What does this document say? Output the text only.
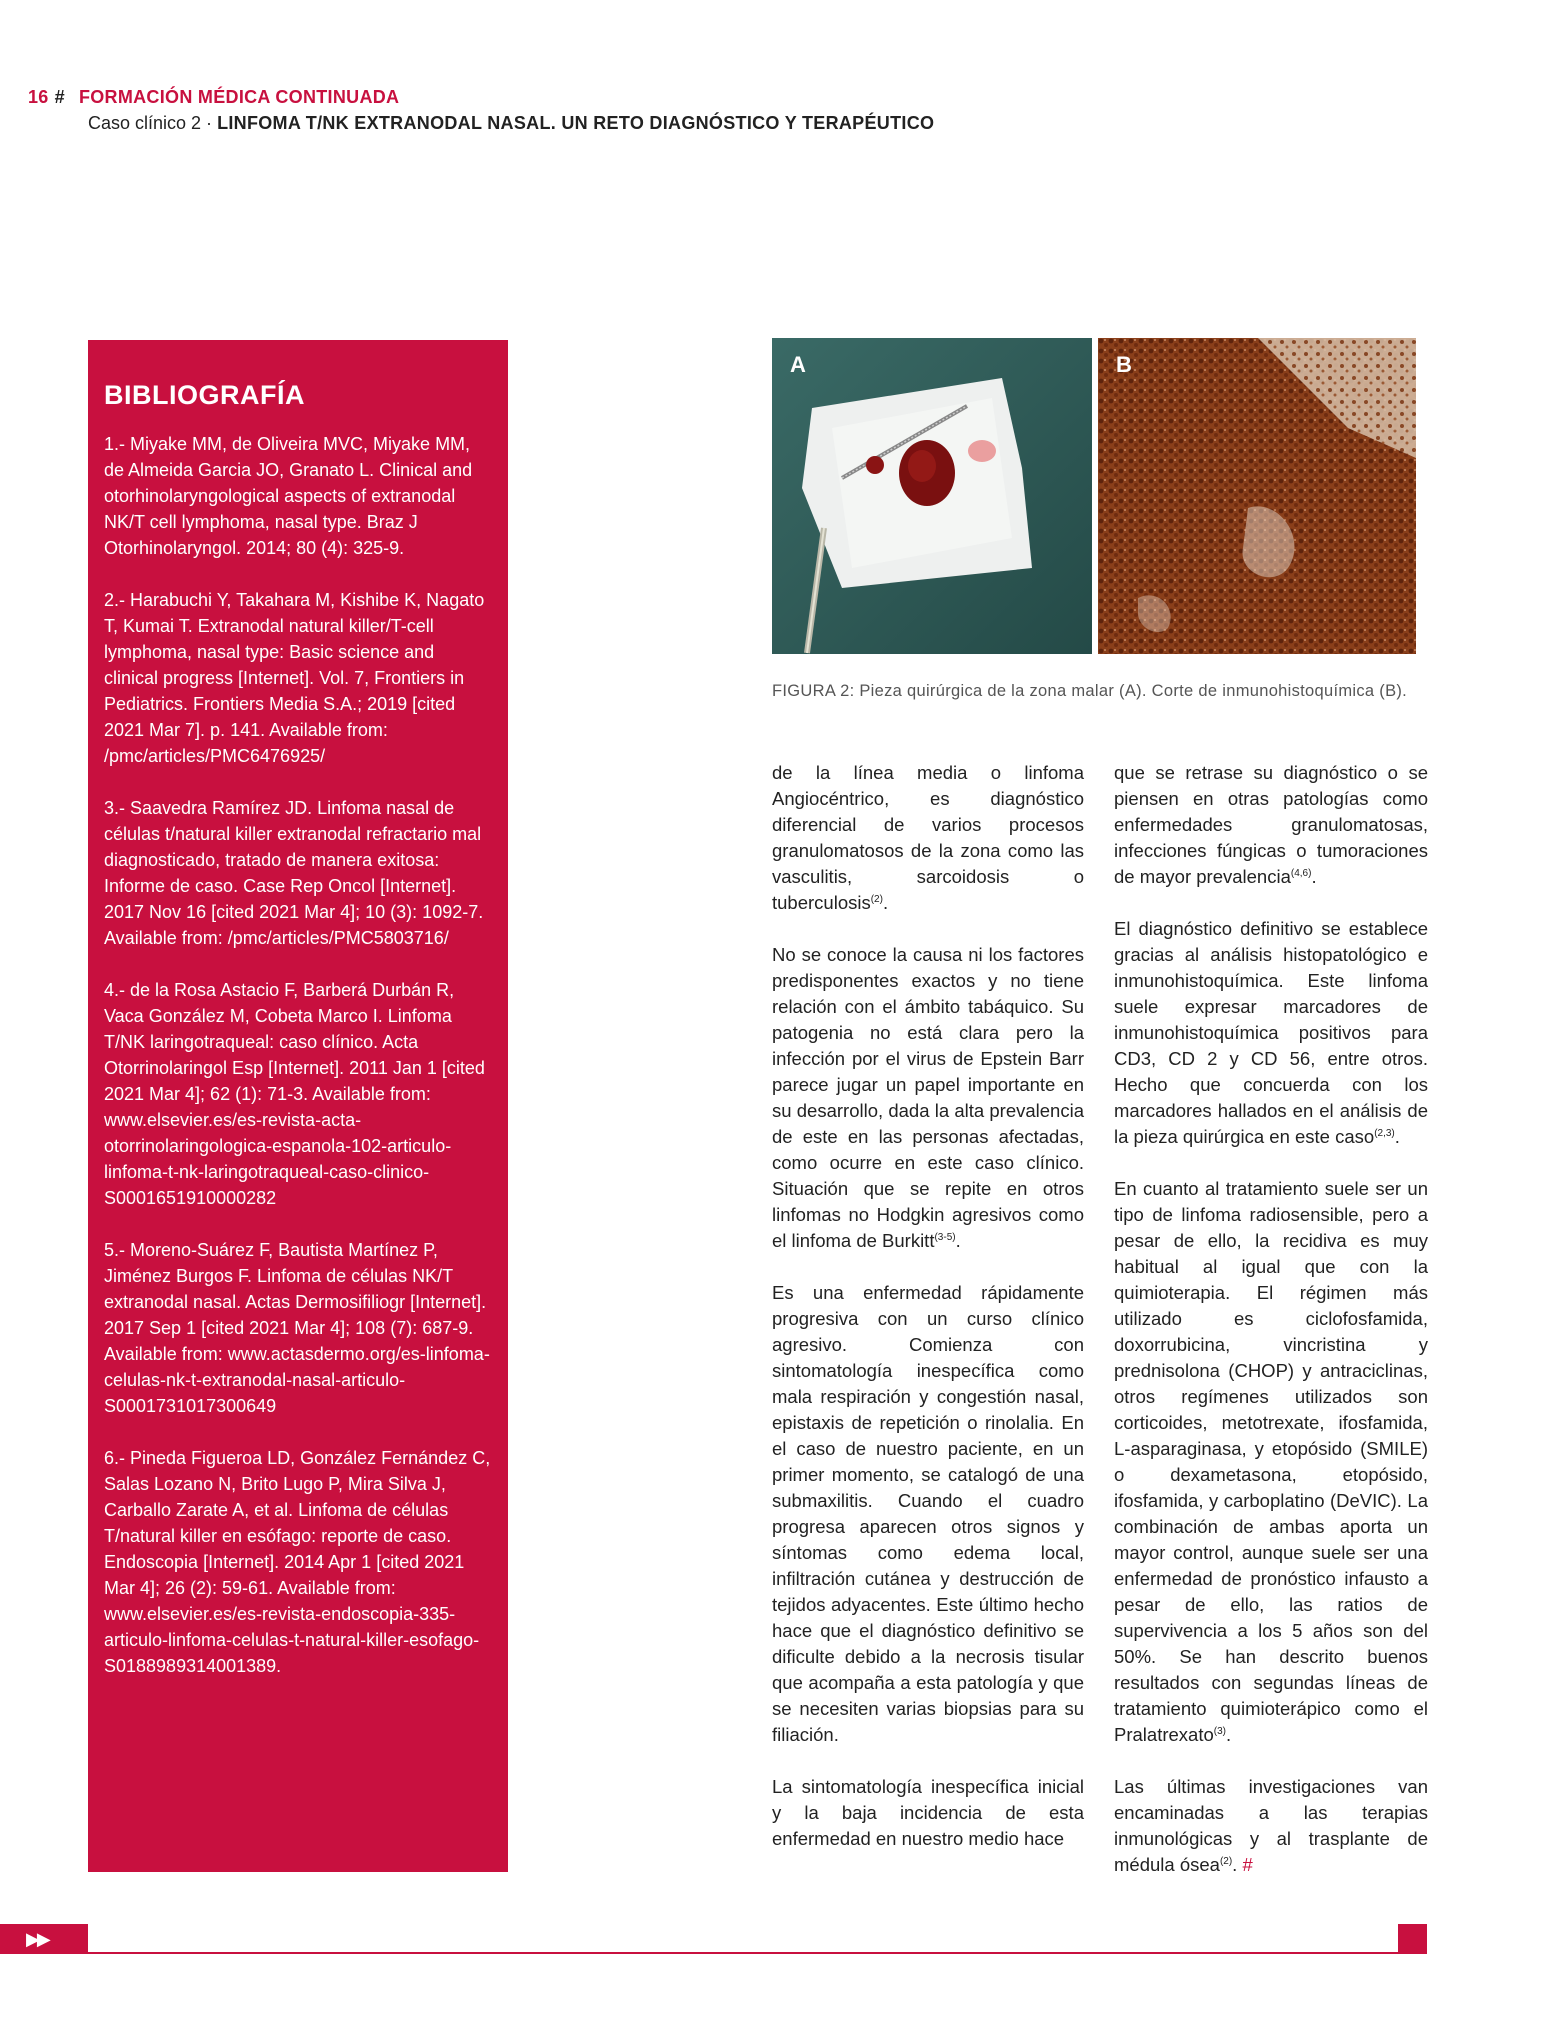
16 # FORMACIÓN MÉDICA CONTINUADA
Caso clínico 2 · LINFOMA T/NK EXTRANODAL NASAL. UN RETO DIAGNÓSTICO Y TERAPÉUTICO
BIBLIOGRAFÍA

1.- Miyake MM, de Oliveira MVC, Miyake MM, de Almeida Garcia JO, Granato L. Clinical and otorhinolaryngological aspects of extranodal NK/T cell lymphoma, nasal type. Braz J Otorhinolaryngol. 2014; 80 (4): 325-9.

2.- Harabuchi Y, Takahara M, Kishibe K, Nagato T, Kumai T. Extranodal natural killer/T-cell lymphoma, nasal type: Basic science and clinical progress [Internet]. Vol. 7, Frontiers in Pediatrics. Frontiers Media S.A.; 2019 [cited 2021 Mar 7]. p. 141. Available from: /pmc/articles/PMC6476925/

3.- Saavedra Ramírez JD. Linfoma nasal de células t/natural killer extranodal refractario mal diagnosticado, tratado de manera exitosa: Informe de caso. Case Rep Oncol [Internet]. 2017 Nov 16 [cited 2021 Mar 4]; 10 (3): 1092-7. Available from: /pmc/articles/PMC5803716/

4.- de la Rosa Astacio F, Barberá Durbán R, Vaca González M, Cobeta Marco I. Linfoma T/NK laringotraqueal: caso clínico. Acta Otorrinolaringol Esp [Internet]. 2011 Jan 1 [cited 2021 Mar 4]; 62 (1): 71-3. Available from: www.elsevier.es/es-revista-acta-otorrinolaringologica-espanola-102-articulo-linfoma-t-nk-laringotraqueal-caso-clinico-S0001651910000282

5.- Moreno-Suárez F, Bautista Martínez P, Jiménez Burgos F. Linfoma de células NK/T extranodal nasal. Actas Dermosifiliogr [Internet]. 2017 Sep 1 [cited 2021 Mar 4]; 108 (7): 687-9. Available from: www.actasdermo.org/es-linfoma-celulas-nk-t-extranodal-nasal-articulo-S0001731017300649

6.- Pineda Figueroa LD, González Fernández C, Salas Lozano N, Brito Lugo P, Mira Silva J, Carballo Zarate A, et al. Linfoma de células T/natural killer en esófago: reporte de caso. Endoscopia [Internet]. 2014 Apr 1 [cited 2021 Mar 4]; 26 (2): 59-61. Available from: www.elsevier.es/es-revista-endoscopia-335-articulo-linfoma-celulas-t-natural-killer-esofago-S0188989314001389.

A	B
FIGURA 2: Pieza quirúrgica de la zona malar (A). Corte de inmunohistoquímica (B).

de la línea media o linfoma Angiocéntrico, es diagnóstico diferencial de varios procesos granulomatosos de la zona como las vasculitis, sarcoidosis o tuberculosis$^{(2)}$.

No se conoce la causa ni los factores predisponentes exactos y no tiene relación con el ámbito tabáquico. Su patogenia no está clara pero la infección por el virus de Epstein Barr parece jugar un papel importante en su desarrollo, dada la alta prevalencia de este en las personas afectadas, como ocurre en este caso clínico. Situación que se repite en otros linfomas no Hodgkin agresivos como el linfoma de Burkitt$^{(3-5)}$.

Es una enfermedad rápidamente progresiva con un curso clínico agresivo. Comienza con sintomatología inespecífica como mala respiración y congestión nasal, epistaxis de repetición o rinolalia. En el caso de nuestro paciente, en un primer momento, se catalogó de una submaxilitis. Cuando el cuadro progresa aparecen otros signos y síntomas como edema local, infiltración cutánea y destrucción de tejidos adyacentes. Este último hecho hace que el diagnóstico definitivo se dificulte debido a la necrosis tisular que acompaña a esta patología y que se necesiten varias biopsias para su filiación.

La sintomatología inespecífica inicial y la baja incidencia de esta enfermedad en nuestro medio hace

que se retrase su diagnóstico o se piensen en otras patologías como enfermedades granulomatosas, infecciones fúngicas o tumoraciones de mayor prevalencia$^{(4,6)}$.

El diagnóstico definitivo se establece gracias al análisis histopatológico e inmunohistoquímica. Este linfoma suele expresar marcadores de inmunohistoquímica positivos para CD3, CD 2 y CD 56, entre otros. Hecho que concuerda con los marcadores hallados en el análisis de la pieza quirúrgica en este caso$^{(2,3)}$.

En cuanto al tratamiento suele ser un tipo de linfoma radiosensible, pero a pesar de ello, la recidiva es muy habitual al igual que con la quimioterapia. El régimen más utilizado es ciclofosfamida, doxorrubicina, vincristina y prednisolona (CHOP) y antraciclinas, otros regímenes utilizados son corticoides, metotrexate, ifosfamida, L-asparaginasa, y etopósido (SMILE) o dexametasona, etopósido, ifosfamida, y carboplatino (DeVIC). La combinación de ambas aporta un mayor control, aunque suele ser una enfermedad de pronóstico infausto a pesar de ello, las ratios de supervivencia a los 5 años son del 50%. Se han descrito buenos resultados con segundas líneas de tratamiento quimioterápico como el Pralatrexato$^{(3)}$.

Las últimas investigaciones van encaminadas a las terapias inmunológicas y al trasplante de médula ósea$^{(2)}$. #

▶▶
